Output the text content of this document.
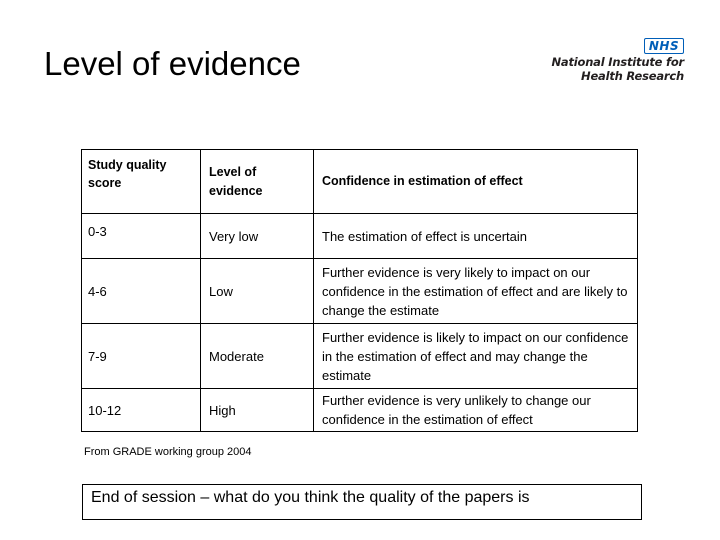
Level of evidence	NHS
National Institute for
Health Research
Study quality score	Level of evidence	Confidence in estimation of effect
0-3	Very low	The estimation of effect is uncertain
4-6	Low	Further evidence is very likely to impact on our confidence in the estimation of effect and are likely to change the estimate
7-9	Moderate	Further evidence is likely to impact on our confidence in the estimation of effect and may change the estimate
10-12	High	Further evidence is very unlikely to change our confidence in the estimation of effect

From GRADE working group 2004

End of session – what do you think the quality of the papers is
